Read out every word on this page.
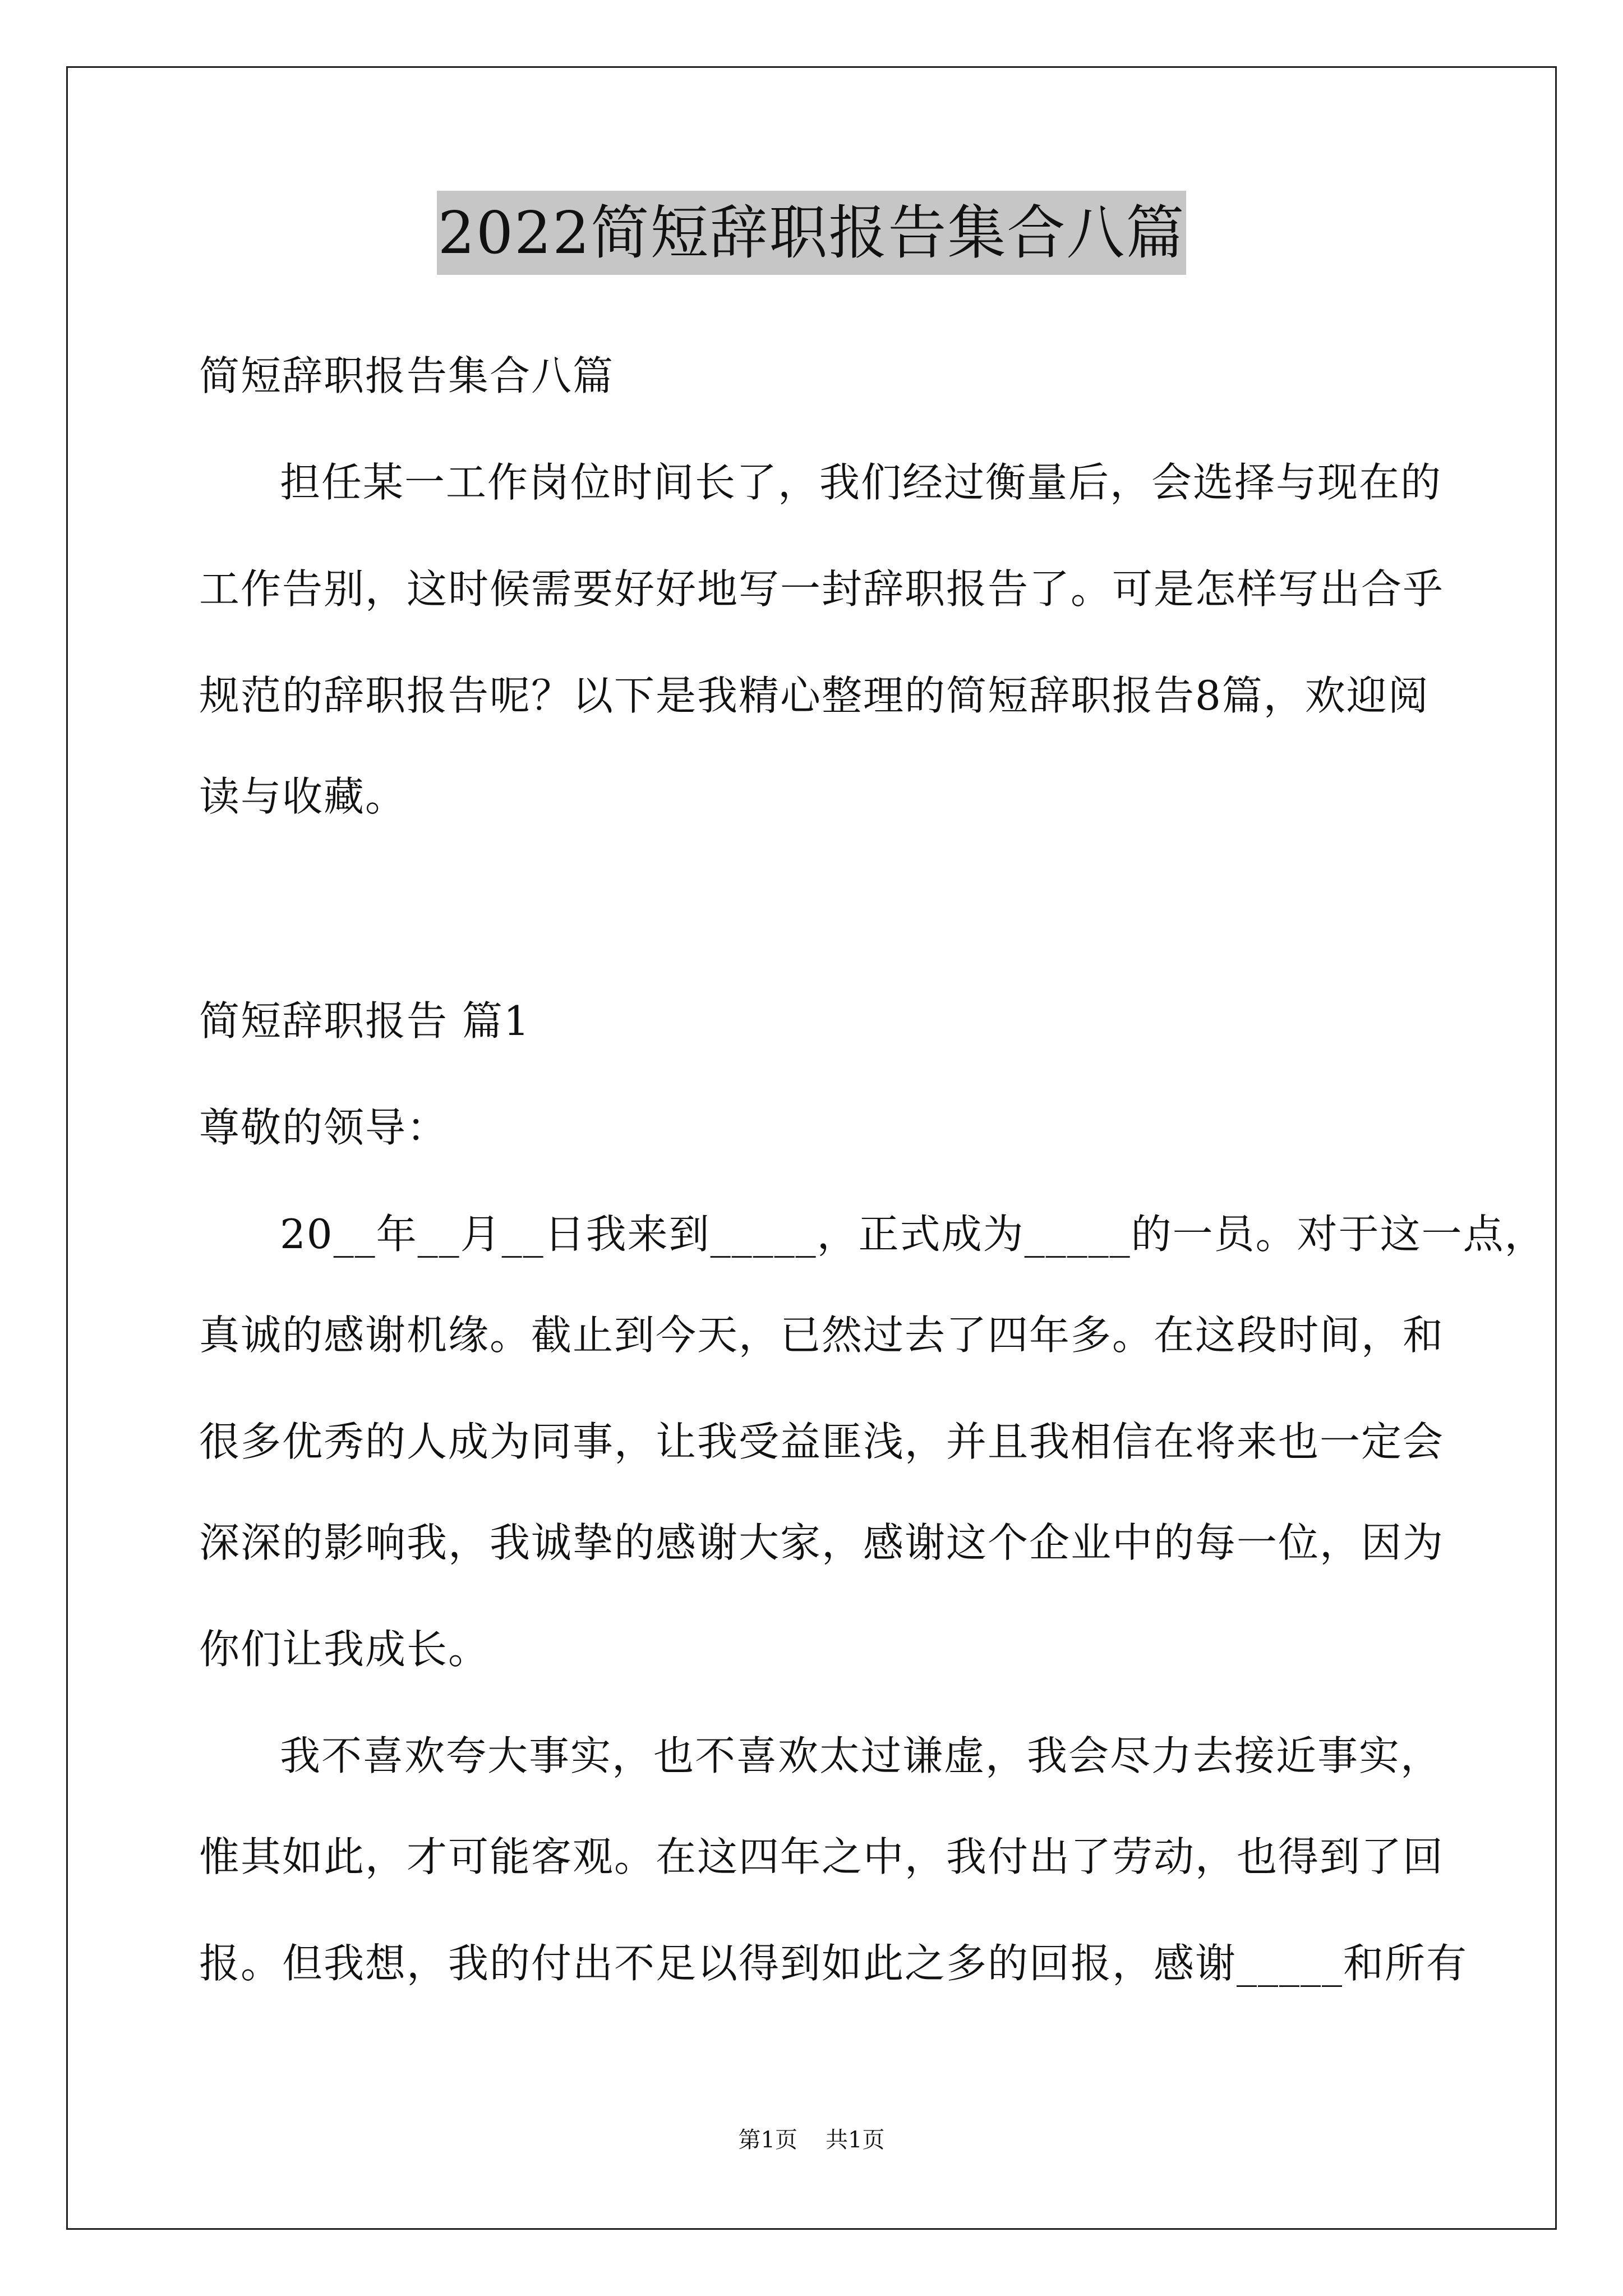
2022简短辞职报告集合八篇
简短辞职报告集合八篇
担任某一工作岗位时间长了，我们经过衡量后，会选择与现在的
工作告别，这时候需要好好地写一封辞职报告了。可是怎样写出合乎
规范的辞职报告呢？以下是我精心整理的简短辞职报告8篇，欢迎阅
读与收藏。
简短辞职报告 篇1
尊敬的领导：
20__年__月__日我来到_____，正式成为_____的一员。对于这一点，
真诚的感谢机缘。截止到今天，已然过去了四年多。在这段时间，和
很多优秀的人成为同事，让我受益匪浅，并且我相信在将来也一定会
深深的影响我，我诚挚的感谢大家，感谢这个企业中的每一位，因为
你们让我成长。
我不喜欢夸大事实，也不喜欢太过谦虚，我会尽力去接近事实，
惟其如此，才可能客观。在这四年之中，我付出了劳动，也得到了回
报。但我想，我的付出不足以得到如此之多的回报，感谢_____和所有
第1页 共1页
